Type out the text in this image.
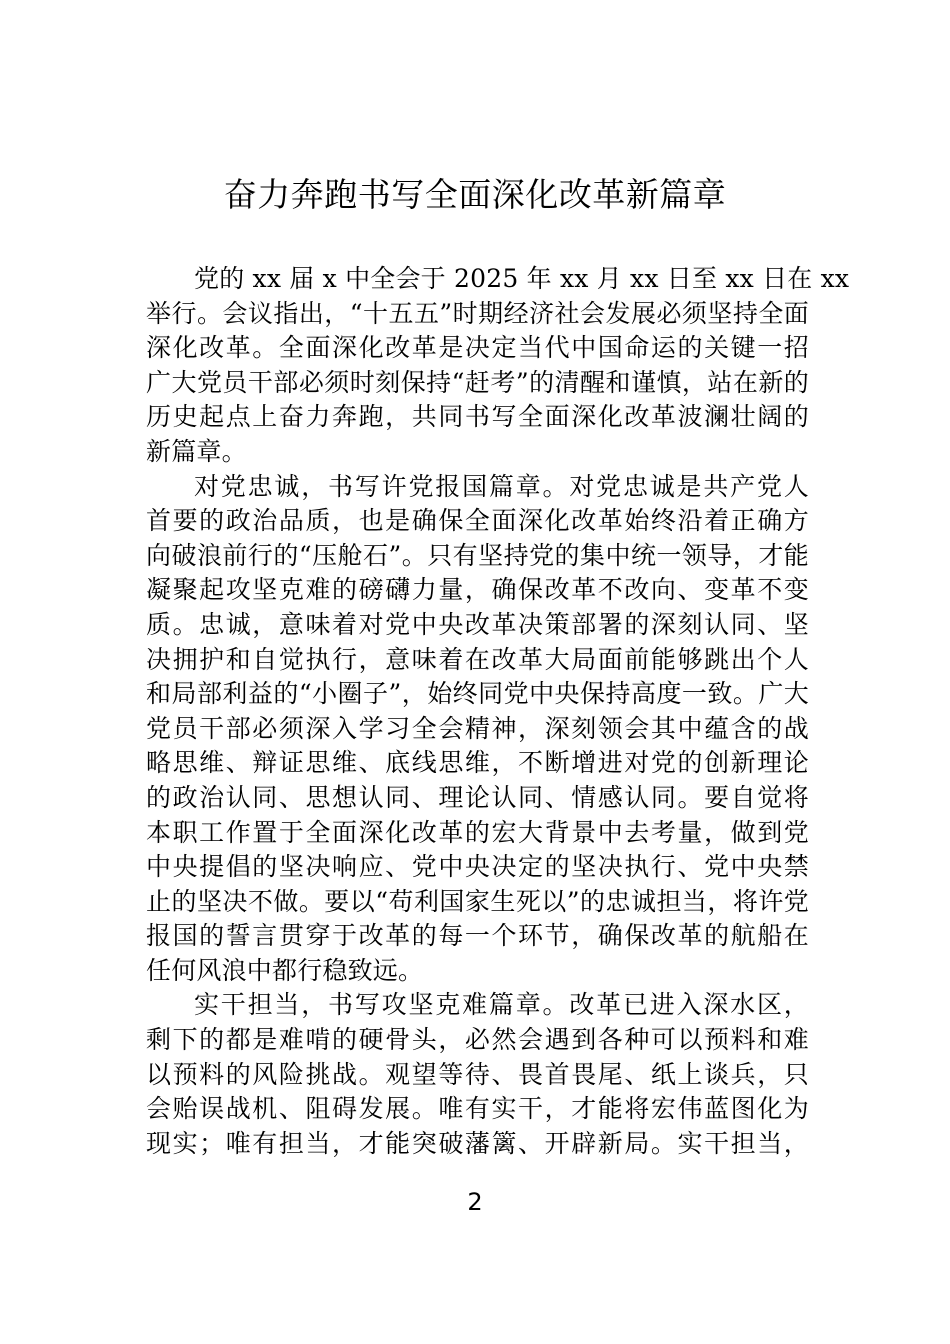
奋力奔跑书写全面深化改革新篇章
党的 xx 届 x 中全会于 2025 年 xx 月 xx 日至 xx 日在 xx
举行。会议指出，“十五五”时期经济社会发展必须坚持全面
深化改革。全面深化改革是决定当代中国命运的关键一招
广大党员干部必须时刻保持“赶考”的清醒和谨慎，站在新的
历史起点上奋力奔跑，共同书写全面深化改革波澜壮阔的
新篇章。
对党忠诚，书写许党报国篇章。对党忠诚是共产党人
首要的政治品质，也是确保全面深化改革始终沿着正确方
向破浪前行的“压舱石”。只有坚持党的集中统一领导，才能
凝聚起攻坚克难的磅礴力量，确保改革不改向、变革不变
质。忠诚，意味着对党中央改革决策部署的深刻认同、坚
决拥护和自觉执行，意味着在改革大局面前能够跳出个人
和局部利益的“小圈子”，始终同党中央保持高度一致。广大
党员干部必须深入学习全会精神，深刻领会其中蕴含的战
略思维、辩证思维、底线思维，不断增进对党的创新理论
的政治认同、思想认同、理论认同、情感认同。要自觉将
本职工作置于全面深化改革的宏大背景中去考量，做到党
中央提倡的坚决响应、党中央决定的坚决执行、党中央禁
止的坚决不做。要以“苟利国家生死以”的忠诚担当，将许党
报国的誓言贯穿于改革的每一个环节，确保改革的航船在
任何风浪中都行稳致远。
实干担当，书写攻坚克难篇章。改革已进入深水区，
剩下的都是难啃的硬骨头，必然会遇到各种可以预料和难
以预料的风险挑战。观望等待、畏首畏尾、纸上谈兵，只
会贻误战机、阻碍发展。唯有实干，才能将宏伟蓝图化为
现实；唯有担当，才能突破藩篱、开辟新局。实干担当，
2
